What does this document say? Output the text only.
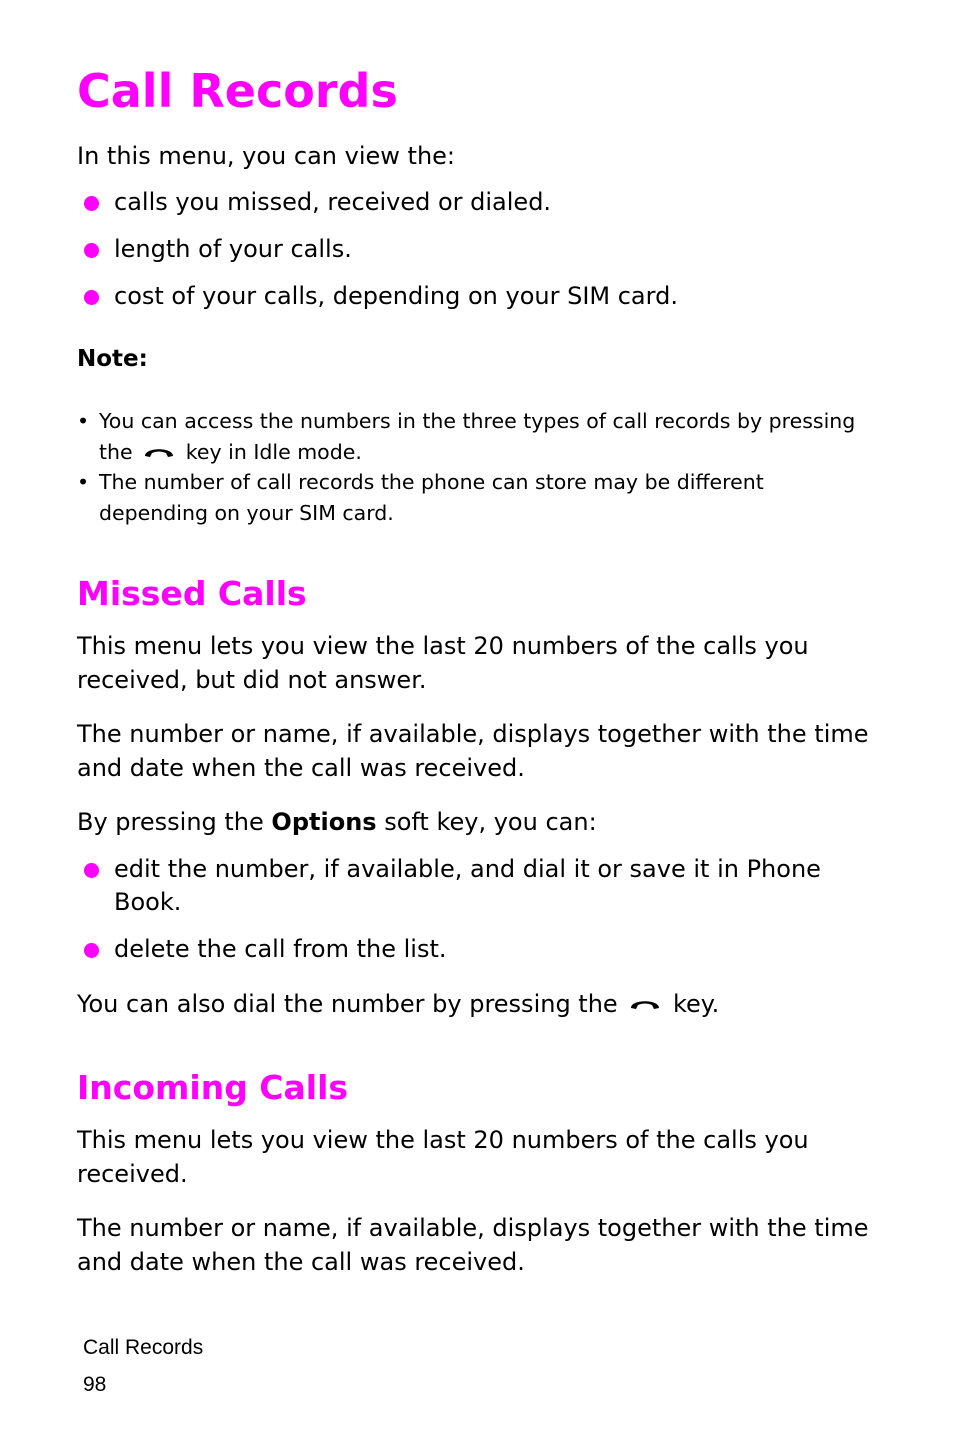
Call Records

In this menu, you can view the:

calls you missed, received or dialed.
length of your calls.
cost of your calls, depending on your SIM card.

Note:

• You can access the numbers in the three types of call records by pressing the	key in Idle mode.
• The number of call records the phone can store may be different depending on your SIM card.
Missed Calls

This menu lets you view the last 20 numbers of the calls you received, but did not answer.

The number or name, if available, displays together with the time and date when the call was received.

By pressing the Options soft key, you can:

edit the number, if available, and dial it or save it in Phone Book.
delete the call from the list.

You can also dial the number by pressing the key.

Incoming Calls

This menu lets you view the last 20 numbers of the calls you received.

The number or name, if available, displays together with the time and date when the call was received.

Call Records
98
